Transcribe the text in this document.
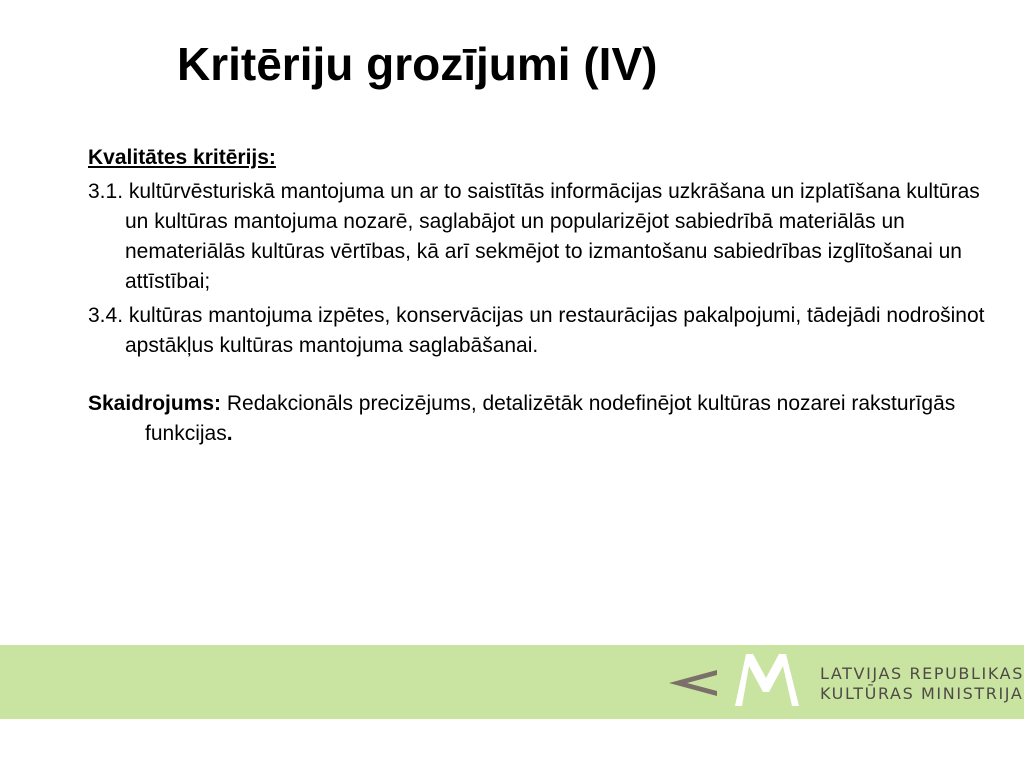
Kritēriju grozījumi (IV)

Kvalitātes kritērijs:

3.1. kultūrvēsturiskā mantojuma un ar to saistītās informācijas uzkrāšana un izplatīšana kultūras un kultūras mantojuma nozarē, saglabājot un popularizējot sabiedrībā materiālās un nemateriālās kultūras vērtības, kā arī sekmējot to izmantošanu sabiedrības izglītošanai un attīstībai;

3.4. kultūras mantojuma izpētes, konservācijas un restaurācijas pakalpojumi, tādejādi nodrošinot apstākļus kultūras mantojuma saglabāšanai.

Skaidrojums: Redakcionāls precizējums, detalizētāk nodefinējot kultūras nozarei raksturīgās funkcijas.

LATVIJAS REPUBLIKAS
KULTŪRAS MINISTRIJA
